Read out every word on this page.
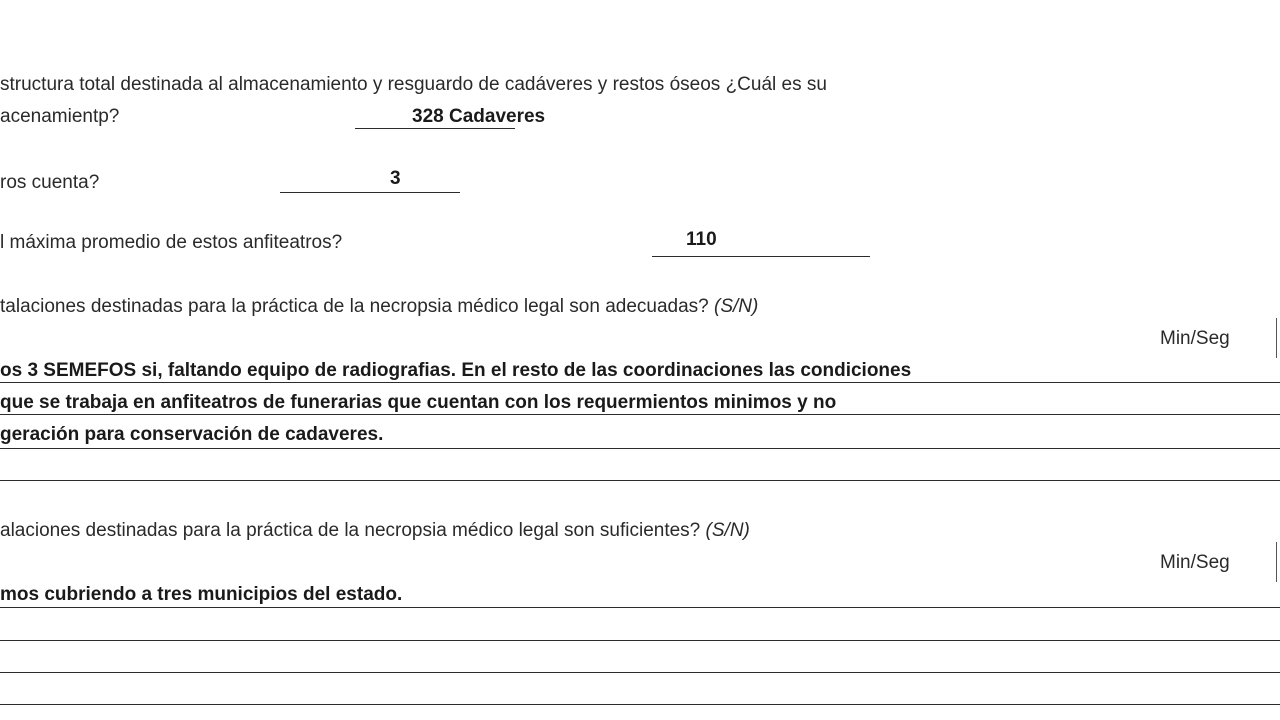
structura total destinada al almacenamiento y resguardo de cadáveres y restos óseos ¿Cuál es su
acenamientp?	328 Cadaveres
ros cuenta?	3
l máxima promedio de estos anfiteatros?	110
talaciones destinadas para la práctica de la necropsia médico legal son adecuadas? (S/N)
Min/Seg
os 3 SEMEFOS si, faltando equipo de radiografias. En el resto de las coordinaciones las condiciones
que se trabaja en anfiteatros de funerarias que cuentan con los requermientos minimos y no
geración para conservación de cadaveres.
alaciones destinadas para la práctica de la necropsia médico legal son suficientes? (S/N)
Min/Seg
mos cubriendo a tres municipios del estado.
